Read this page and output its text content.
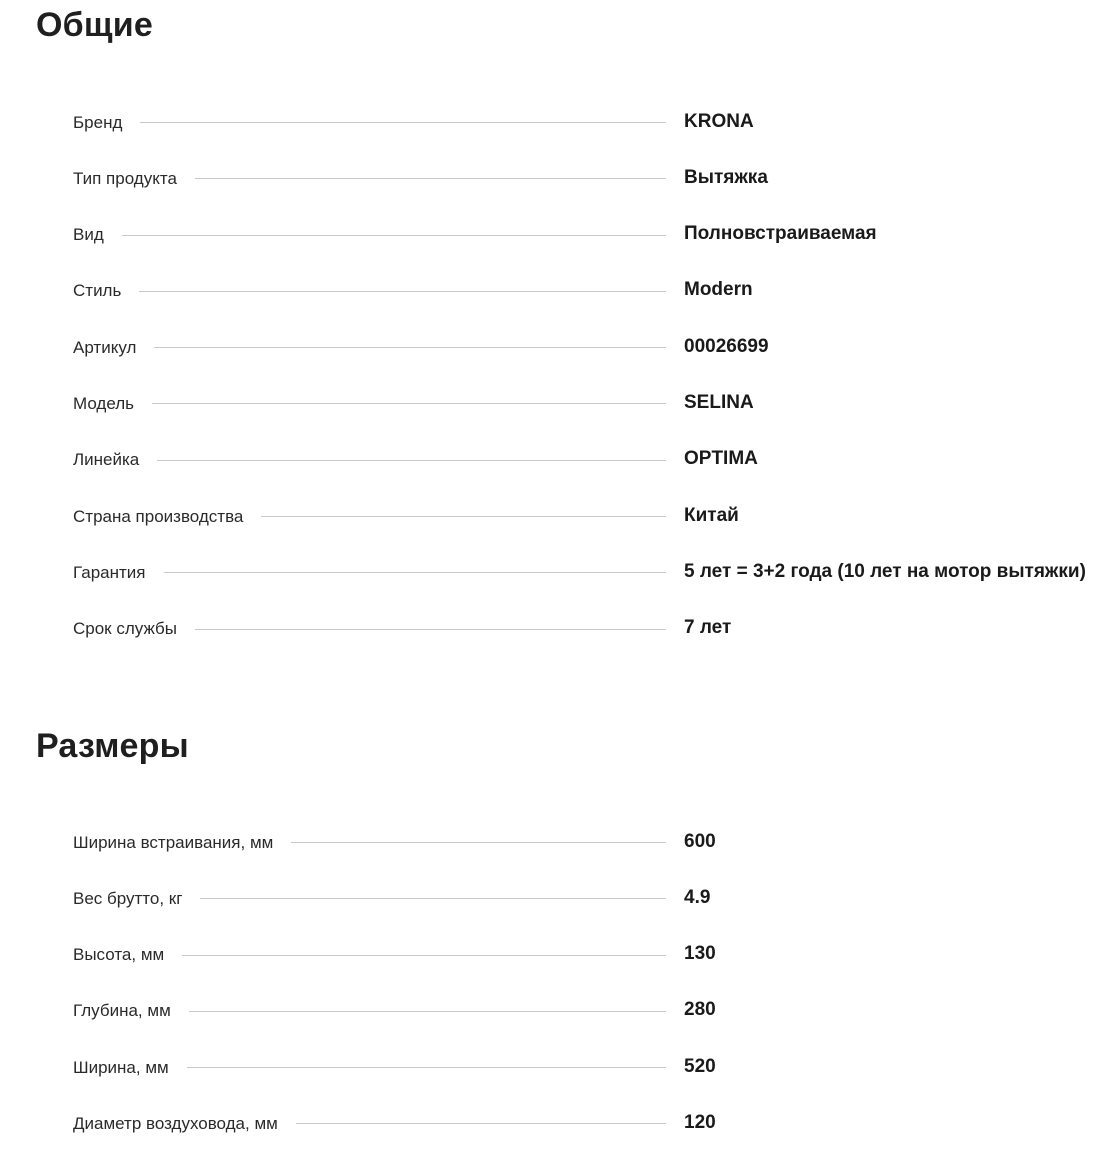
Общие
Бренд	KRONA
Тип продукта	Вытяжка
Вид	Полновстраиваемая
Стиль	Modern
Артикул	00026699
Модель	SELINA
Линейка	OPTIMA
Страна производства	Китай
Гарантия	5 лет = 3+2 года (10 лет на мотор вытяжки)
Срок службы	7 лет
Размеры
Ширина встраивания, мм	600
Вес брутто, кг	4.9
Высота, мм	130
Глубина, мм	280
Ширина, мм	520
Диаметр воздуховода, мм	120
